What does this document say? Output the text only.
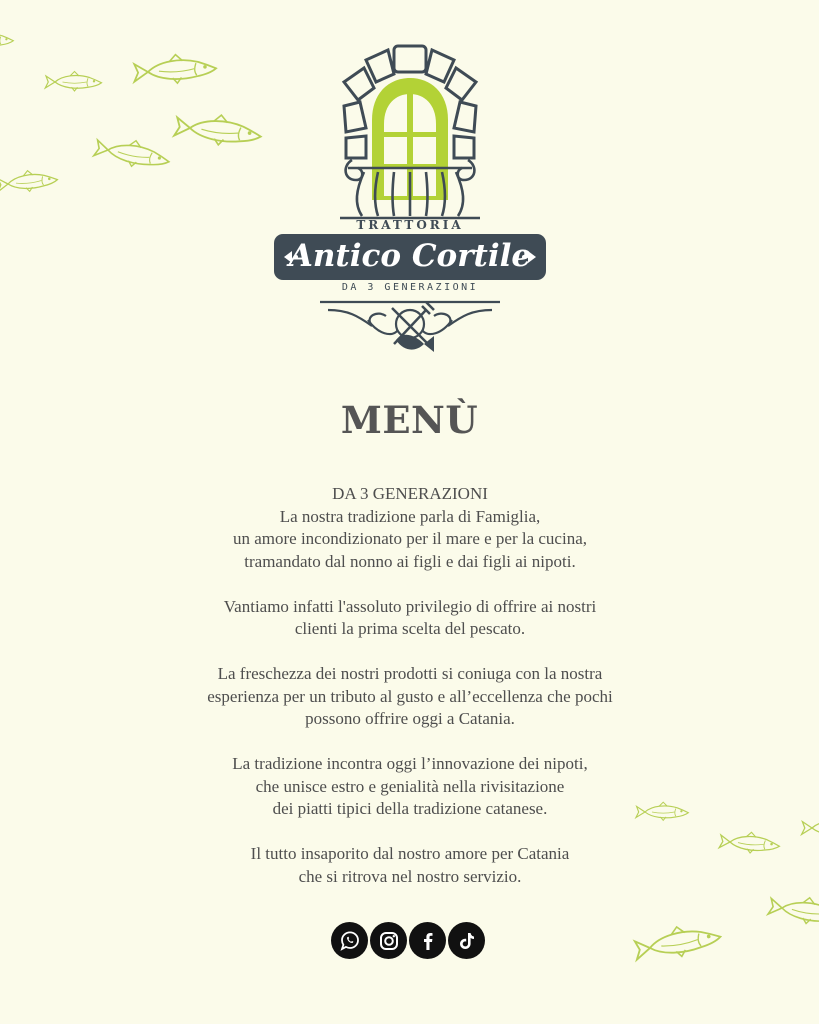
TRATTORIA
Antico Cortile
DA 3 GENERAZIONI
MENÙ

DA 3 GENERAZIONI
La nostra tradizione parla di Famiglia,
un amore incondizionato per il mare e per la cucina,
tramandato dal nonno ai figli e dai figli ai nipoti.

Vantiamo infatti l'assoluto privilegio di offrire ai nostri
clienti la prima scelta del pescato.

La freschezza dei nostri prodotti si coniuga con la nostra
esperienza per un tributo al gusto e all’eccellenza che pochi
possono offrire oggi a Catania.

La tradizione incontra oggi l’innovazione dei nipoti,
che unisce estro e genialità nella rivisitazione
dei piatti tipici della tradizione catanese.

Il tutto insaporito dal nostro amore per Catania
che si ritrova nel nostro servizio.
